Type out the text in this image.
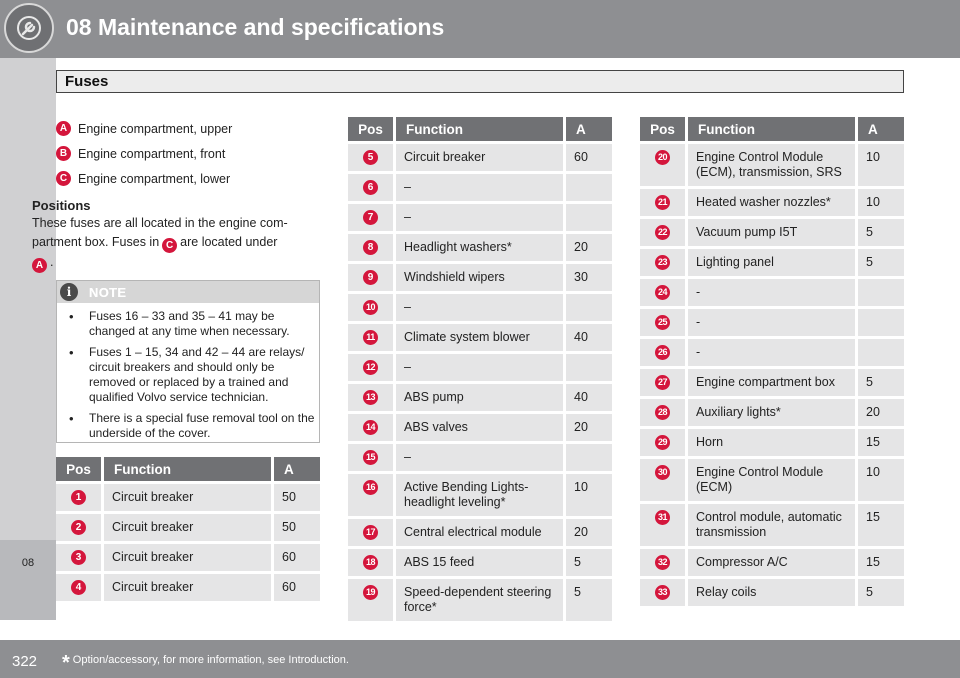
08 Maintenance and specifications
Fuses
08
A Engine compartment, upper
B Engine compartment, front
C Engine compartment, lower
Positions
These fuses are all located in the engine com-partment box. Fuses in C are located under
A .
i	NOTE
• Fuses 16 – 33 and 35 – 41 may be changed at any time when necessary.
• Fuses 1 – 15, 34 and 42 – 44 are relays/ circuit breakers and should only be removed or replaced by a trained and qualified Volvo service technician.
• There is a special fuse removal tool on the underside of the cover.
Pos	Function	A
1	Circuit breaker	50
2	Circuit breaker	50
3	Circuit breaker	60
4	Circuit breaker	60
Pos	Function	A
5	Circuit breaker	60
6	–	
7	–	
8	Headlight washers*	20
9	Windshield wipers	30
10	–	
11	Climate system blower	40
12	–	
13	ABS pump	40
14	ABS valves	20
15	–	
16	Active Bending Lights-headlight leveling*	10
17	Central electrical module	20
18	ABS 15 feed	5
19	Speed-dependent steering force*	5
Pos	Function	A
20	Engine Control Module (ECM), transmission, SRS	10
21	Heated washer nozzles*	10
22	Vacuum pump I5T	5
23	Lighting panel	5
24	-	
25	-	
26	-	
27	Engine compartment box	5
28	Auxiliary lights*	20
29	Horn	15
30	Engine Control Module (ECM)	10
31	Control module, automatic transmission	15
32	Compressor A/C	15
33	Relay coils	5
322 * Option/accessory, for more information, see Introduction.
